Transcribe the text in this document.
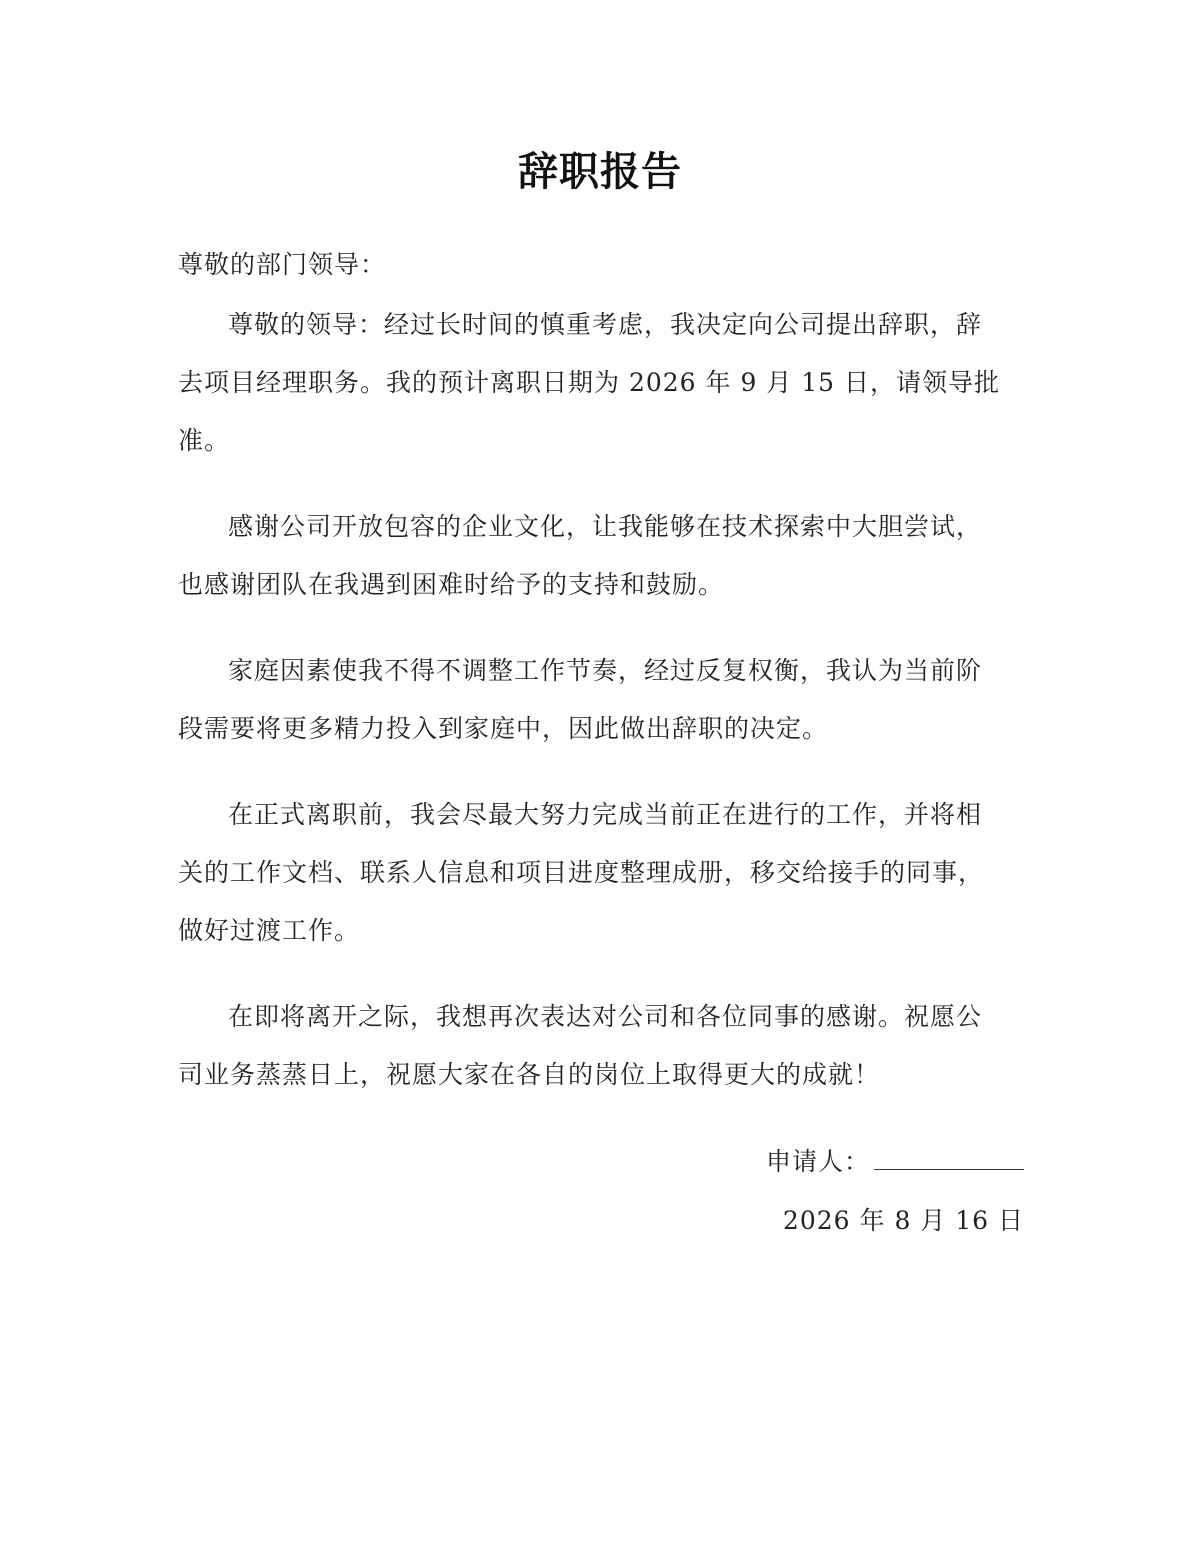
辞职报告
尊敬的部门领导：

尊敬的领导：经过长时间的慎重考虑，我决定向公司提出辞职，辞去项目经理职务。我的预计离职日期为 2026 年 9 月 15 日，请领导批准。

感谢公司开放包容的企业文化，让我能够在技术探索中大胆尝试，也感谢团队在我遇到困难时给予的支持和鼓励。

家庭因素使我不得不调整工作节奏，经过反复权衡，我认为当前阶段需要将更多精力投入到家庭中，因此做出辞职的决定。

在正式离职前，我会尽最大努力完成当前正在进行的工作，并将相关的工作文档、联系人信息和项目进度整理成册，移交给接手的同事，做好过渡工作。

在即将离开之际，我想再次表达对公司和各位同事的感谢。祝愿公司业务蒸蒸日上，祝愿大家在各自的岗位上取得更大的成就！

申请人：
2026 年 8 月 16 日
